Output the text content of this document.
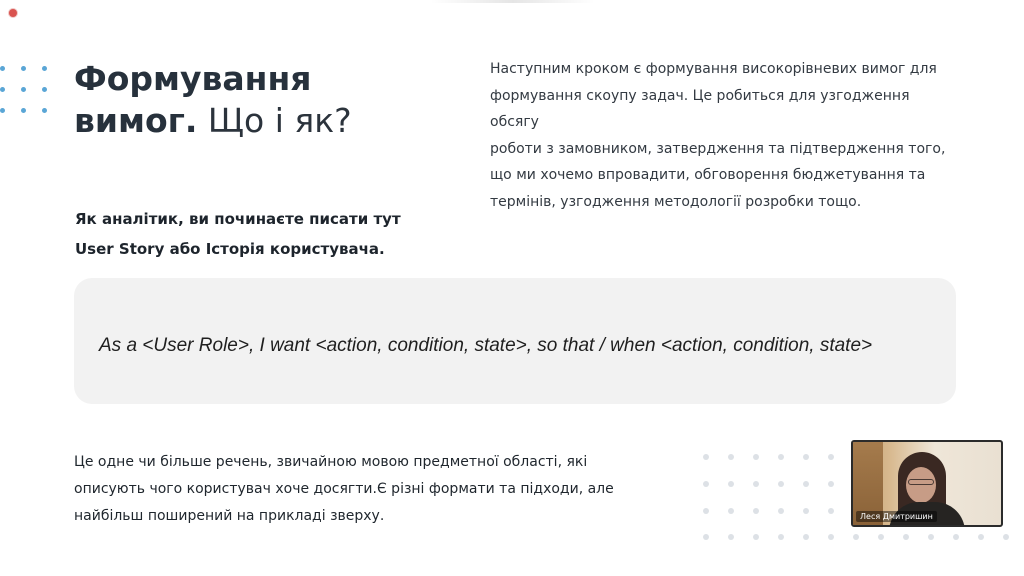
Формування
вимог. Що і як?

Наступним кроком є формування високорівневих вимог для
формування скоупу задач. Це робиться для узгодження обсягу
роботи з замовником, затвердження та підтвердження того,
що ми хочемо впровадити, обговорення бюджетування та
термінів, узгодження методології розробки тощо.

Як аналітик, ви починаєте писати тут
User Story або Історія користувача.

As a <User Role>, I want <action, condition, state>, so that / when <action, condition, state>

Це одне чи більше речень, звичайною мовою предметної області, які
описують чого користувач хоче досягти.Є різні формати та підходи, але
найбільш поширений на прикладі зверху.	Леся Дмитришин
